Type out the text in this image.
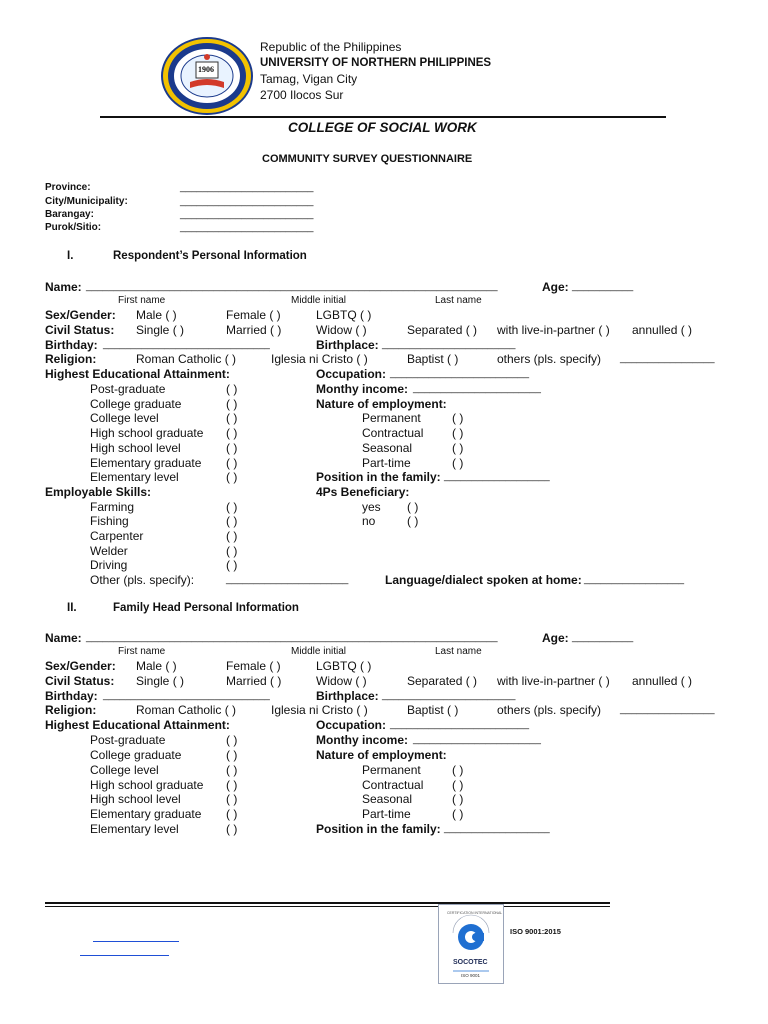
1906
Republic of the Philippines
UNIVERSITY OF NORTHERN PHILIPPINES
Tamag, Vigan City
2700 Ilocos Sur
COLLEGE OF SOCIAL WORK
COMMUNITY SURVEY QUESTIONNAIRE
Province:	________________________
City/Municipality:	________________________
Barangay:	________________________
Purok/Sitio:	________________________
I.	Respondent’s Personal Information
Name: __________________________________________________________________________	Age: ___________
First name	Middle initial	Last name
Sex/Gender: Male ( )	Female ( )	LGBTQ ( )
Civil Status: Single ( )	Married ( )	Widow ( )	Separated ( ) with live-in-partner ( ) annulled ( )
Birthday: ______________________________	Birthplace: ________________________
Religion:	Roman Catholic ( )	Iglesia ni Cristo ( )	Baptist ( )	others (pls. specify) _________________
Highest Educational Attainment:	Occupation: _________________________
Post-graduate	( )	Monthy income: _______________________
College graduate	( )	Nature of employment:
College level	( )	Permanent	( )
High school graduate ( )	Contractual ( )
High school level	( )	Seasonal	( )
Elementary graduate ( )	Part-time	( )
Elementary level	( )	Position in the family: ___________________
Employable Skills:	4Ps Beneficiary:
Farming	( )	yes ( )
Fishing	( )	no	( )
Carpenter	( )
Welder	( )
Driving	( )
Other (pls. specify):	______________________	Language/dialect spoken at home: __________________
II.	Family Head Personal Information
Name: __________________________________________________________________________	Age: ___________
First name	Middle initial	Last name
Sex/Gender: Male ( )	Female ( )	LGBTQ ( )
Civil Status: Single ( )	Married ( )	Widow ( )	Separated ( ) with live-in-partner ( ) annulled ( )
Birthday: ______________________________	Birthplace: ________________________
Religion:	Roman Catholic ( )	Iglesia ni Cristo ( )	Baptist ( )	others (pls. specify) _________________
Highest Educational Attainment:	Occupation: _________________________
Post-graduate	( )	Monthy income: _______________________
College graduate	( )	Nature of employment:
College level	( )	Permanent	( )
High school graduate ( )	Contractual ( )
High school level	( )	Seasonal	( )
Elementary graduate ( )	Part-time	( )
Elementary level	( )	Position in the family: ___________________
CERTIFICATION INTERNATIONAL
SOCOTEC
ISO 9001
ISO 9001:2015
